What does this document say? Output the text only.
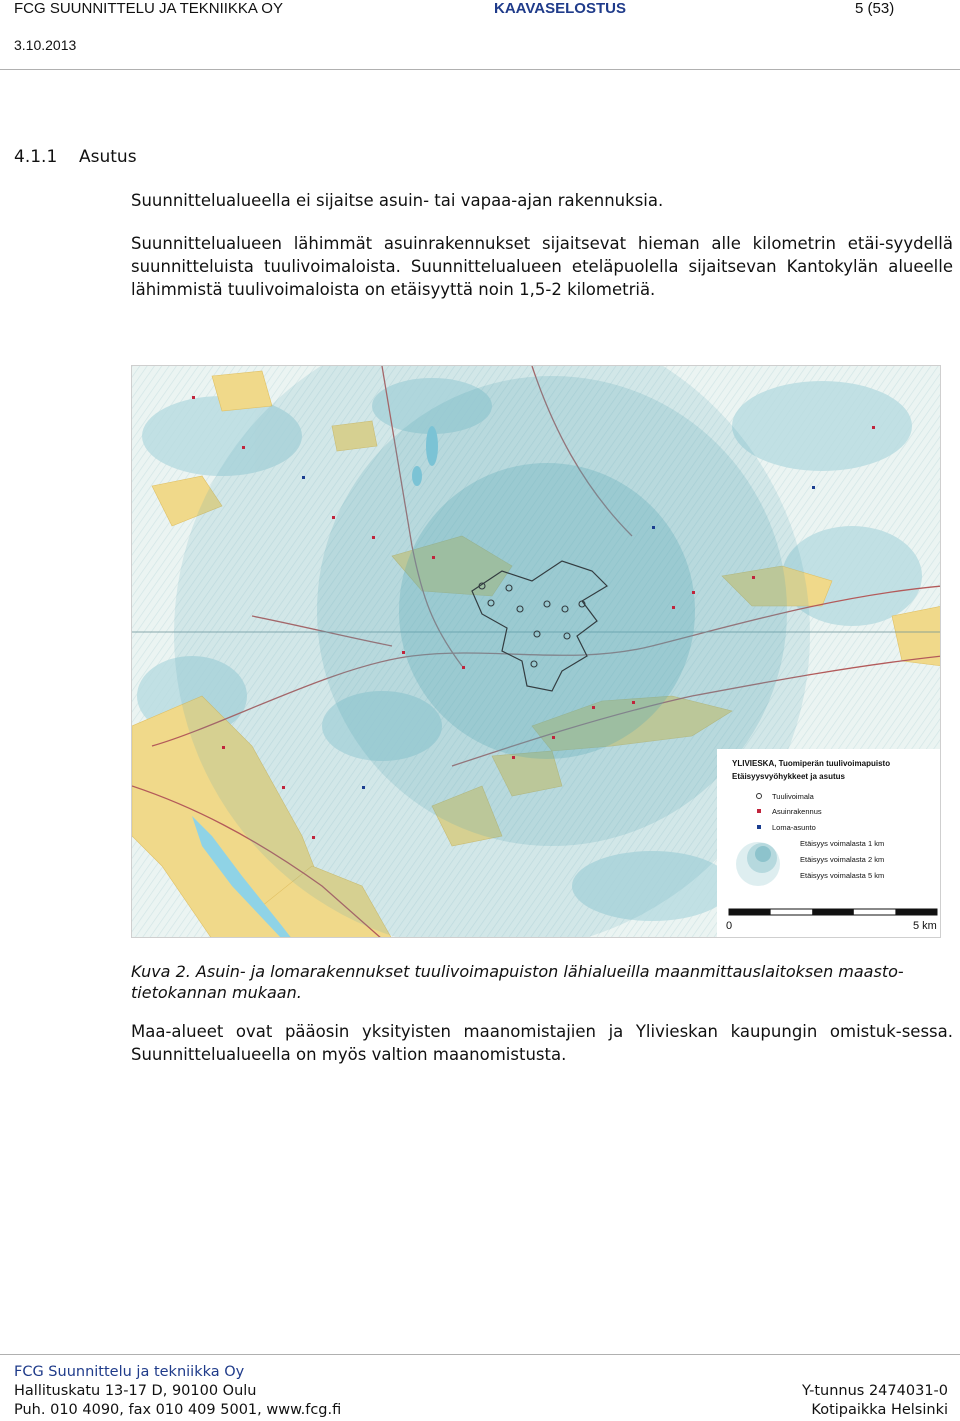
FCG SUUNNITTELU JA TEKNIIKKA OY	KAAVASELOSTUS	5 (53)
3.10.2013
4.1.1 Asutus
Suunnittelualueella ei sijaitse asuin- tai vapaa-ajan rakennuksia.
Suunnittelualueen lähimmät asuinrakennukset sijaitsevat hieman alle kilometrin etäi-syydellä suunnitteluista tuulivoimaloista. Suunnittelualueen eteläpuolella sijaitsevan Kantokylän alueelle lähimmistä tuulivoimaloista on etäisyyttä noin 1,5-2 kilometriä.
YLIVIESKA, Tuomiperän tuulivoimapuisto
Etäisyysvyöhykkeet ja asutus
Tuulivoimala
Asuinrakennus
Loma-asunto
Etäisyys voimalasta 1 km
Etäisyys voimalasta 2 km
Etäisyys voimalasta 5 km
0	5 km
Kuva 2. Asuin- ja lomarakennukset tuulivoimapuiston lähialueilla maanmittauslaitoksen maasto-tietokannan mukaan.
Maa-alueet ovat pääosin yksityisten maanomistajien ja Ylivieskan kaupungin omistuk-sessa. Suunnittelualueella on myös valtion maanomistusta.
FCG Suunnittelu ja tekniikka Oy
Hallituskatu 13-17 D, 90100 Oulu
Puh. 010 4090, fax 010 409 5001, www.fcg.fi
Y-tunnus 2474031-0
Kotipaikka Helsinki
